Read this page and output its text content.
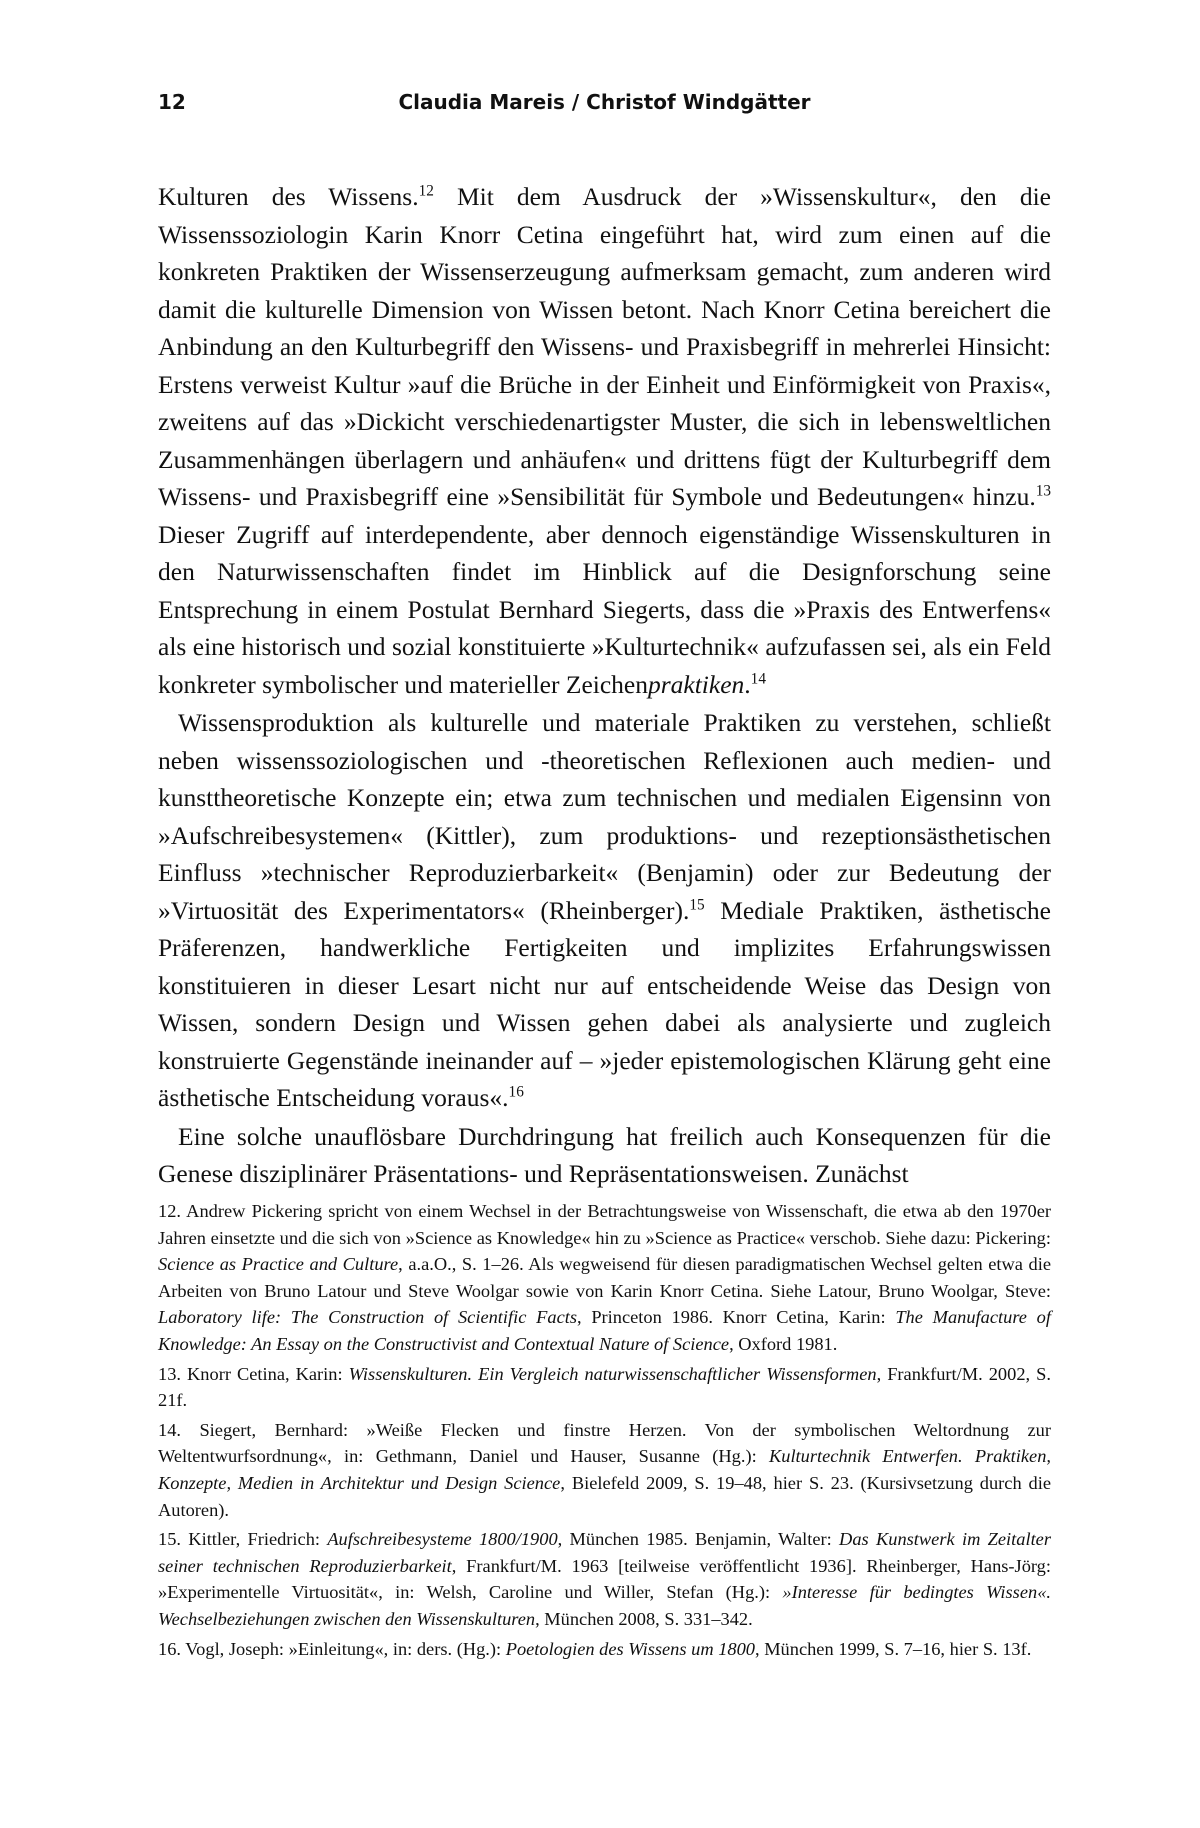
12	Claudia Mareis / Christof Windgätter

Kulturen des Wissens.$^{12}$ Mit dem Ausdruck der »Wissenskultur«, den die Wissenssoziologin Karin Knorr Cetina eingeführt hat, wird zum einen auf die konkreten Praktiken der Wissenserzeugung aufmerksam gemacht, zum anderen wird damit die kulturelle Dimension von Wissen betont. Nach Knorr Cetina bereichert die Anbindung an den Kulturbegriff den Wissens- und Praxisbegriff in mehrerlei Hinsicht: Erstens verweist Kultur »auf die Brüche in der Einheit und Einförmigkeit von Praxis«, zweitens auf das »Dickicht verschiedenartigster Muster, die sich in lebensweltlichen Zusammenhängen überlagern und anhäufen« und drittens fügt der Kulturbegriff dem Wissens- und Praxisbegriff eine »Sensibilität für Symbole und Bedeutungen« hinzu.$^{13}$ Dieser Zugriff auf interdependente, aber dennoch eigenständige Wissenskulturen in den Naturwissenschaften findet im Hinblick auf die Designforschung seine Entsprechung in einem Postulat Bernhard Siegerts, dass die »Praxis des Entwerfens« als eine historisch und sozial konstituierte »Kulturtechnik« aufzufassen sei, als ein Feld konkreter symbolischer und materieller Zeichenpraktiken.$^{14}$

Wissensproduktion als kulturelle und materiale Praktiken zu verstehen, schließt neben wissenssoziologischen und -theoretischen Reflexionen auch medien- und kunsttheoretische Konzepte ein; etwa zum technischen und medialen Eigensinn von »Aufschreibesystemen« (Kittler), zum produktions- und rezeptionsästhetischen Einfluss »technischer Reproduzierbarkeit« (Benjamin) oder zur Bedeutung der »Virtuosität des Experimentators« (Rheinberger).$^{15}$ Mediale Praktiken, ästhetische Präferenzen, handwerkliche Fertigkeiten und implizites Erfahrungswissen konstituieren in dieser Lesart nicht nur auf entscheidende Weise das Design von Wissen, sondern Design und Wissen gehen dabei als analysierte und zugleich konstruierte Gegenstände ineinander auf – »jeder epistemologischen Klärung geht eine ästhetische Entscheidung voraus«.$^{16}$

Eine solche unauflösbare Durchdringung hat freilich auch Konsequenzen für die Genese disziplinärer Präsentations- und Repräsentationsweisen. Zunächst

12. Andrew Pickering spricht von einem Wechsel in der Betrachtungsweise von Wissenschaft, die etwa ab den 1970er Jahren einsetzte und die sich von »Science as Knowledge« hin zu »Science as Practice« verschob. Siehe dazu: Pickering: Science as Practice and Culture, a.a.O., S. 1–26. Als wegweisend für diesen paradigmatischen Wechsel gelten etwa die Arbeiten von Bruno Latour und Steve Woolgar sowie von Karin Knorr Cetina. Siehe Latour, Bruno Woolgar, Steve: Laboratory life: The Construction of Scientific Facts, Princeton 1986. Knorr Cetina, Karin: The Manufacture of Knowledge: An Essay on the Constructivist and Contextual Nature of Science, Oxford 1981.

13. Knorr Cetina, Karin: Wissenskulturen. Ein Vergleich naturwissenschaftlicher Wissensformen, Frankfurt/M. 2002, S. 21f.

14. Siegert, Bernhard: »Weiße Flecken und finstre Herzen. Von der symbolischen Weltordnung zur Weltentwurfsordnung«, in: Gethmann, Daniel und Hauser, Susanne (Hg.): Kulturtechnik Entwerfen. Praktiken, Konzepte, Medien in Architektur und Design Science, Bielefeld 2009, S. 19–48, hier S. 23. (Kursivsetzung durch die Autoren).

15. Kittler, Friedrich: Aufschreibesysteme 1800/1900, München 1985. Benjamin, Walter: Das Kunstwerk im Zeitalter seiner technischen Reproduzierbarkeit, Frankfurt/M. 1963 [teilweise veröffentlicht 1936]. Rheinberger, Hans-Jörg: »Experimentelle Virtuosität«, in: Welsh, Caroline und Willer, Stefan (Hg.): »Interesse für bedingtes Wissen«. Wechselbeziehungen zwischen den Wissenskulturen, München 2008, S. 331–342.

16. Vogl, Joseph: »Einleitung«, in: ders. (Hg.): Poetologien des Wissens um 1800, München 1999, S. 7–16, hier S. 13f.
